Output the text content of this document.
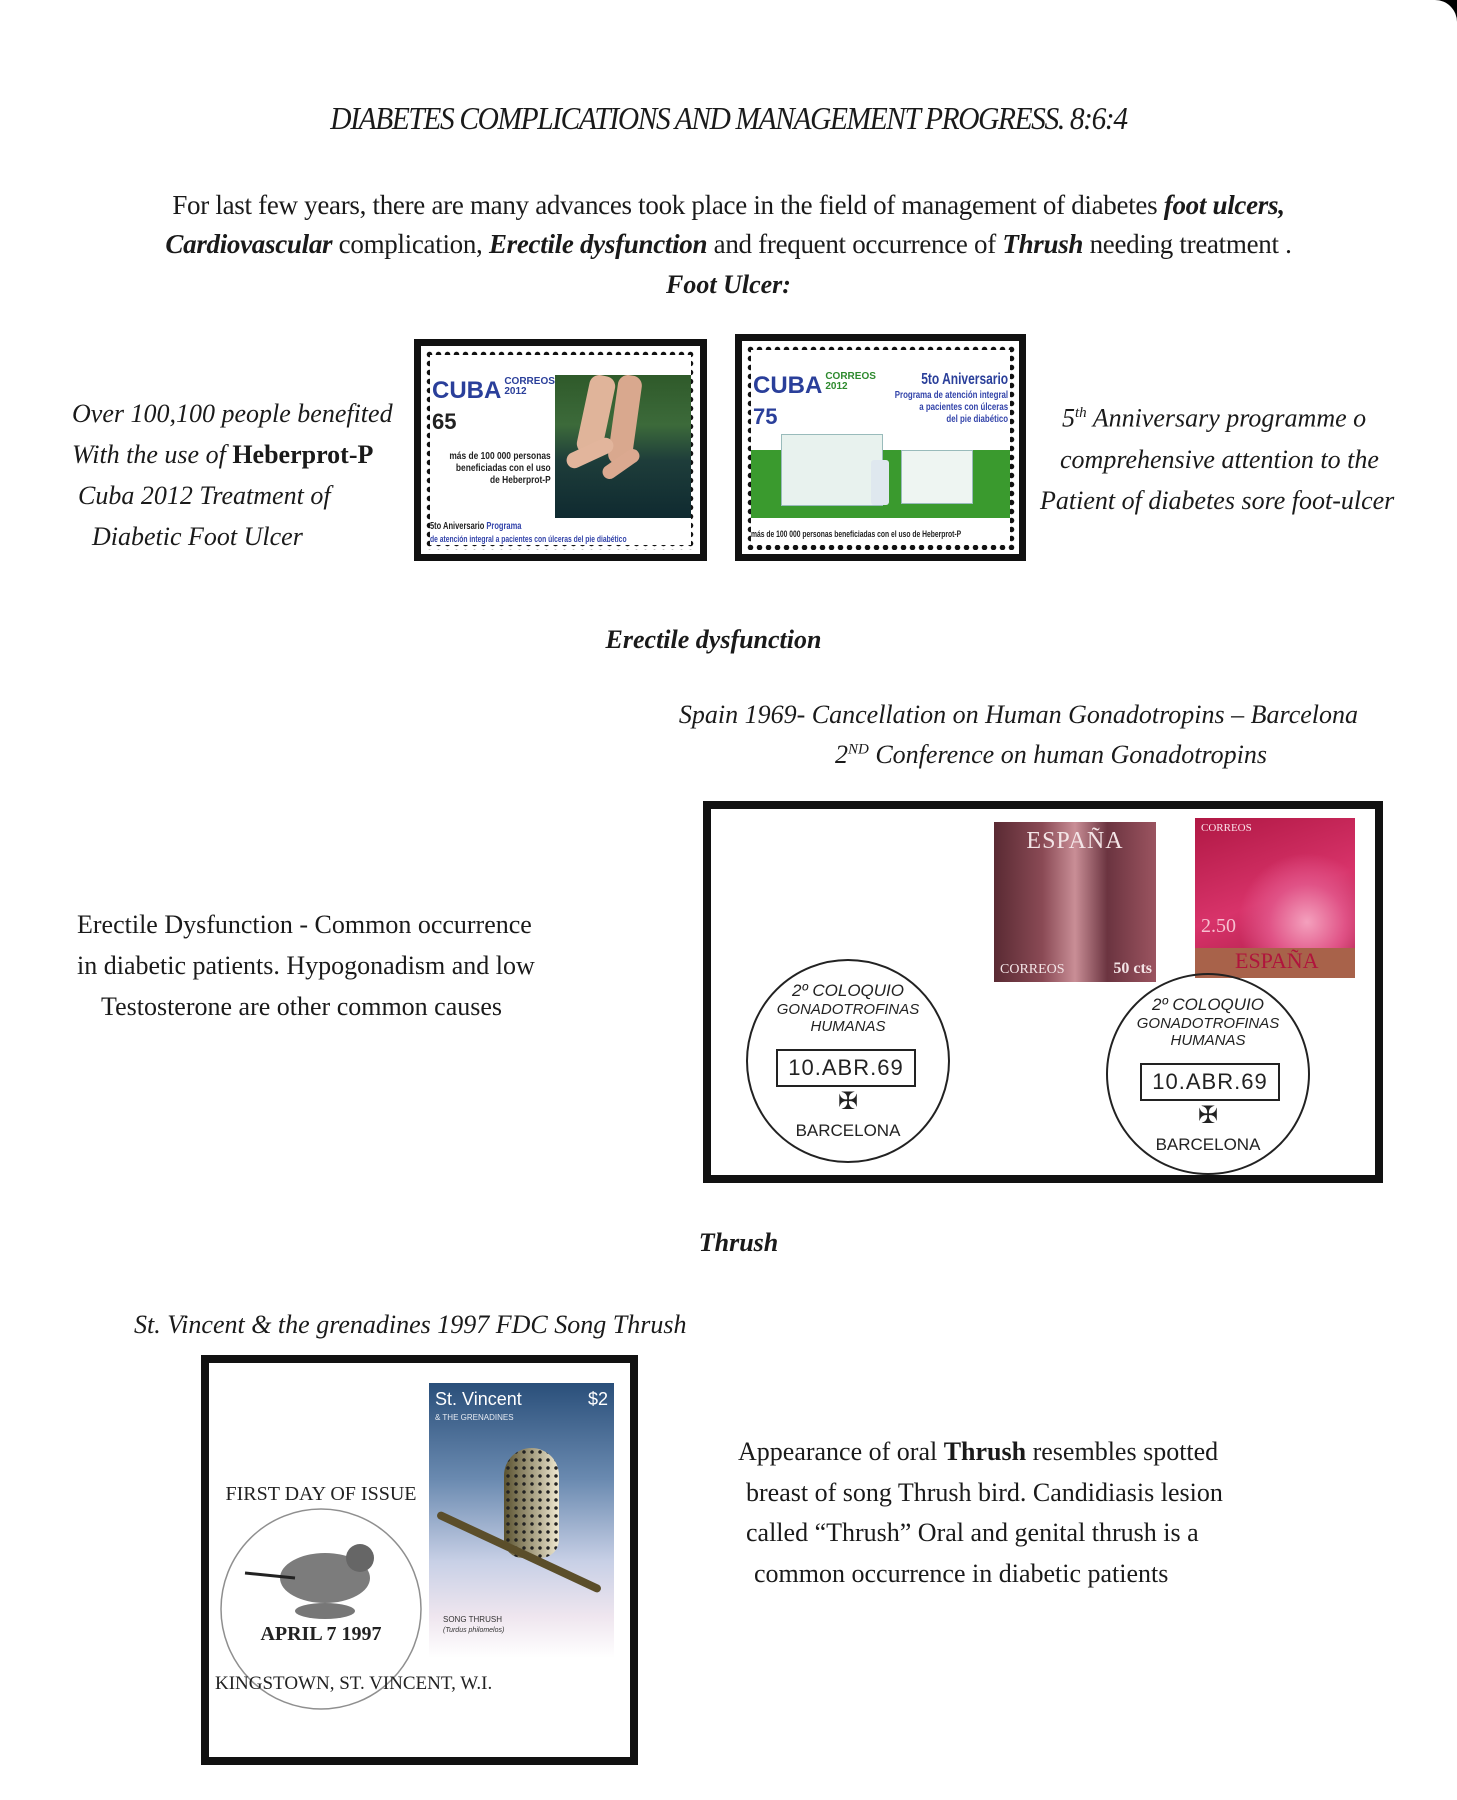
DIABETES COMPLICATIONS AND MANAGEMENT PROGRESS. 8:6:4
For last few years, there are many advances took place in the field of management of diabetes foot ulcers,
Cardiovascular complication, Erectile dysfunction and frequent occurrence of Thrush needing treatment .
Foot Ulcer:
Over 100,100 people benefited
With the use of Heberprot-P
Cuba 2012 Treatment of
Diabetic Foot Ulcer
CUBA CORREOS
2012
65
más de 100 000 personas
beneficiadas con el uso
de Heberprot-P
5to Aniversario Programa
de atención integral a pacientes con úlceras del pie diabético
CUBA CORREOS
2012
75
5to Aniversario
Programa de atención integral
a pacientes con úlceras
del pie diabético
más de 100 000 personas beneficiadas con el uso de Heberprot-P
5th Anniversary programme o
comprehensive attention to the
Patient of diabetes sore foot-ulcer
Erectile dysfunction
Spain 1969- Cancellation on Human Gonadotropins – Barcelona
2ND Conference on human Gonadotropins
Erectile Dysfunction - Common occurrence
in diabetic patients. Hypogonadism and low
Testosterone are other common causes
ESPAÑA
CORREOS	50 cts
CORREOS
ESPAÑA
2.50
2º COLOQUIO
GONADOTROFINAS
HUMANAS
10.ABR.69
✠
BARCELONA
2º COLOQUIO
GONADOTROFINAS
HUMANAS
10.ABR.69
✠
BARCELONA
Thrush
St. Vincent & the grenadines 1997 FDC Song Thrush
St. Vincent	$2
& THE GRENADINES
SONG THRUSH
(Turdus philomelos)
FIRST DAY OF ISSUE
APRIL 7 1997
KINGSTOWN, ST. VINCENT, W.I.
Appearance of oral Thrush resembles spotted
breast of song Thrush bird. Candidiasis lesion
called “Thrush” Oral and genital thrush is a
common occurrence in diabetic patients
